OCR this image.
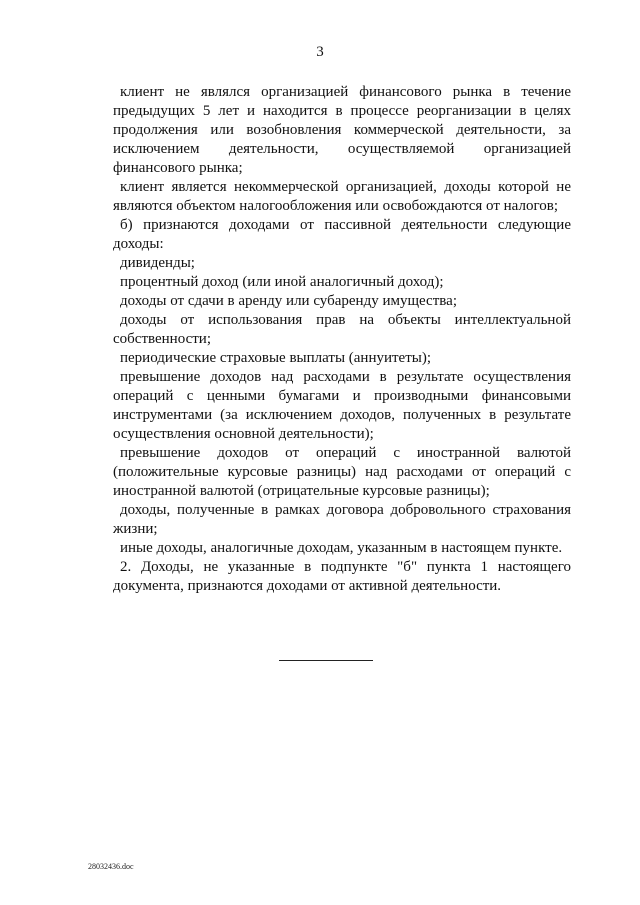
3

клиент не являлся организацией финансового рынка в течение предыдущих 5 лет и находится в процессе реорганизации в целях продолжения или возобновления коммерческой деятельности, за исключением деятельности, осуществляемой организацией финансового рынка;

клиент является некоммерческой организацией, доходы которой не являются объектом налогообложения или освобождаются от налогов;

б) признаются доходами от пассивной деятельности следующие доходы:

дивиденды;

процентный доход (или иной аналогичный доход);

доходы от сдачи в аренду или субаренду имущества;

доходы от использования прав на объекты интеллектуальной собственности;

периодические страховые выплаты (аннуитеты);

превышение доходов над расходами в результате осуществления операций с ценными бумагами и производными финансовыми инструментами (за исключением доходов, полученных в результате осуществления основной деятельности);

превышение доходов от операций с иностранной валютой (положительные курсовые разницы) над расходами от операций с иностранной валютой (отрицательные курсовые разницы);

доходы, полученные в рамках договора добровольного страхования жизни;

иные доходы, аналогичные доходам, указанным в настоящем пункте.

2. Доходы, не указанные в подпункте "б" пункта 1 настоящего документа, признаются доходами от активной деятельности.

28032436.doc
